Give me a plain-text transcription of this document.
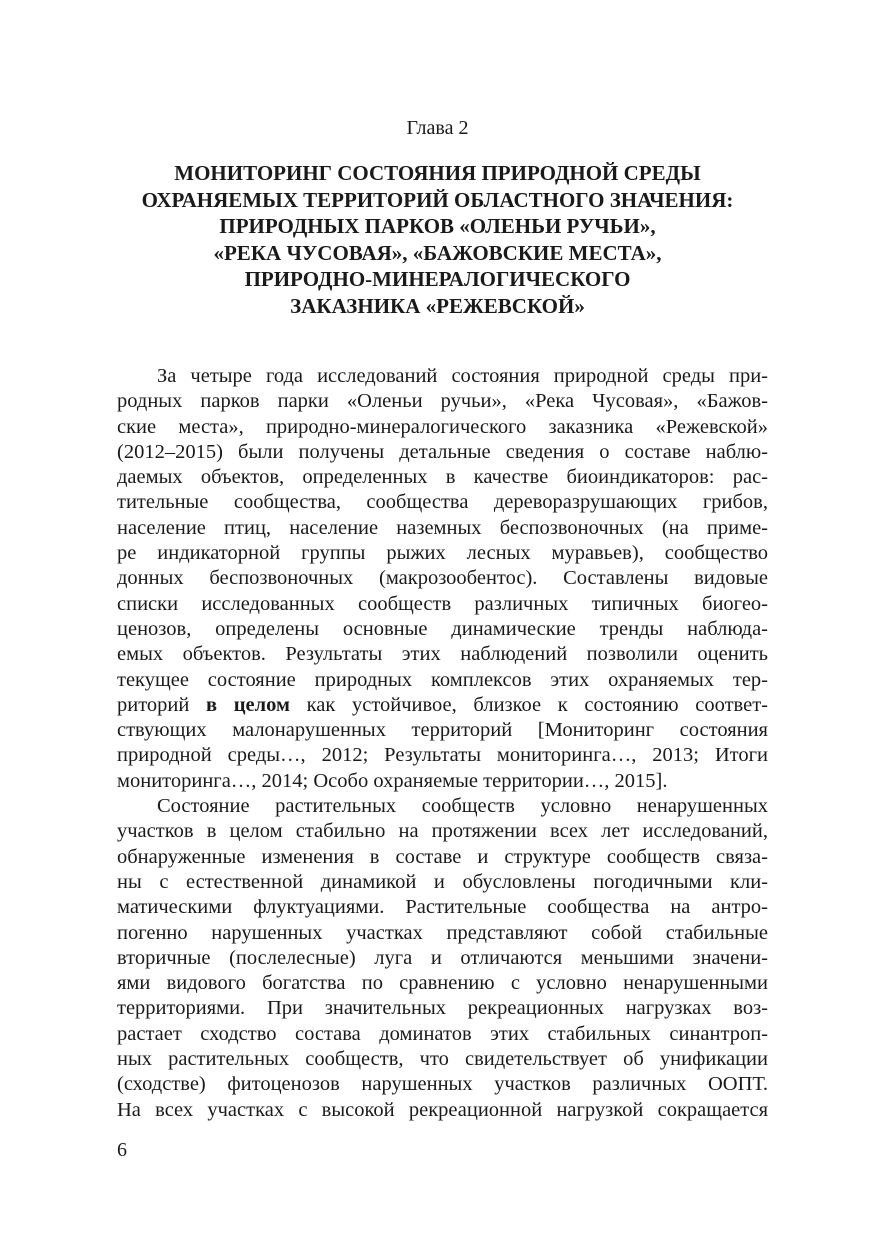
Глава 2
МОНИТОРИНГ СОСТОЯНИЯ ПРИРОДНОЙ СРЕДЫ
ОХРАНЯЕМЫХ ТЕРРИТОРИЙ ОБЛАСТНОГО ЗНАЧЕНИЯ:
ПРИРОДНЫХ ПАРКОВ «ОЛЕНЬИ РУЧЬИ»,
«РЕКА ЧУСОВАЯ», «БАЖОВСКИЕ МЕСТА»,
ПРИРОДНО-МИНЕРАЛОГИЧЕСКОГО
ЗАКАЗНИКА «РЕЖЕВСКОЙ»
За четыре года исследований состояния природной среды при-
родных парков парки «Оленьи ручьи», «Река Чусовая», «Бажов-
ские места», природно-минералогического заказника «Режевской»
(2012–2015) были получены детальные сведения о составе наблю-
даемых объектов, определенных в качестве биоиндикаторов: рас-
тительные сообщества, сообщества дереворазрушающих грибов,
население птиц, население наземных беспозвоночных (на приме-
ре индикаторной группы рыжих лесных муравьев), сообщество
донных беспозвоночных (макрозообентос). Составлены видовые
списки исследованных сообществ различных типичных биогео-
ценозов, определены основные динамические тренды наблюда-
емых объектов. Результаты этих наблюдений позволили оценить
текущее состояние природных комплексов этих охраняемых тер-
риторий в целом как устойчивое, близкое к состоянию соответ-
ствующих малонарушенных территорий [Мониторинг состояния
природной среды…, 2012; Результаты мониторинга…, 2013; Итоги
мониторинга…, 2014; Особо охраняемые территории…, 2015].
Состояние растительных сообществ условно ненарушенных
участков в целом стабильно на протяжении всех лет исследований,
обнаруженные изменения в составе и структуре сообществ связа-
ны с естественной динамикой и обусловлены погодичными кли-
матическими флуктуациями. Растительные сообщества на антро-
погенно нарушенных участках представляют собой стабильные
вторичные (послелесные) луга и отличаются меньшими значени-
ями видового богатства по сравнению с условно ненарушенными
территориями. При значительных рекреационных нагрузках воз-
растает сходство состава доминатов этих стабильных синантроп-
ных растительных сообществ, что свидетельствует об унификации
(сходстве) фитоценозов нарушенных участков различных ООПТ.
На всех участках с высокой рекреационной нагрузкой сокращается
6
